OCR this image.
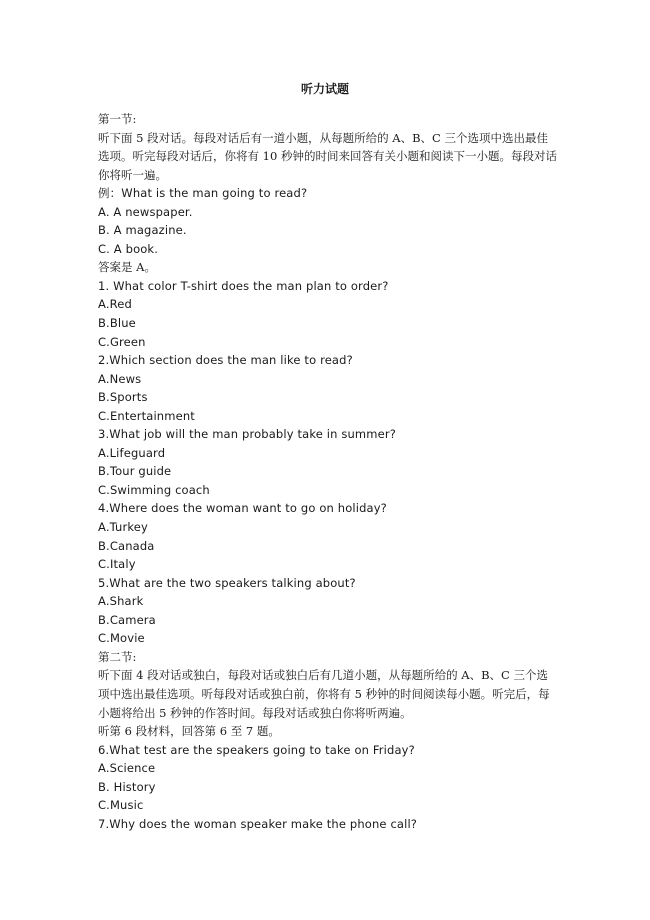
听力试题
第一节:
听下面 5 段对话。每段对话后有一道小题，从每题所给的 A、B、C 三个选项中选出最佳选项。听完每段对话后，你将有 10 秒钟的时间来回答有关小题和阅读下一小题。每段对话你将听一遍。
例：What is the man going to read?
A. A newspaper.
B. A magazine.
C. A book.
答案是 A。
1. What color T-shirt does the man plan to order?
A.Red
B.Blue
C.Green
2.Which section does the man like to read?
A.News
B.Sports
C.Entertainment
3.What job will the man probably take in summer?
A.Lifeguard
B.Tour guide
C.Swimming coach
4.Where does the woman want to go on holiday?
A.Turkey
B.Canada
C.Italy
5.What are the two speakers talking about?
A.Shark
B.Camera
C.Movie
第二节:
听下面 4 段对话或独白，每段对话或独白后有几道小题，从每题所给的 A、B、C 三个选项中选出最佳选项。听每段对话或独白前，你将有 5 秒钟的时间阅读每小题。听完后，每小题将给出 5 秒钟的作答时间。每段对话或独白你将听两遍。
听第 6 段材料，回答第 6 至 7 题。
6.What test are the speakers going to take on Friday?
A.Science
B. History
C.Music
7.Why does the woman speaker make the phone call?
